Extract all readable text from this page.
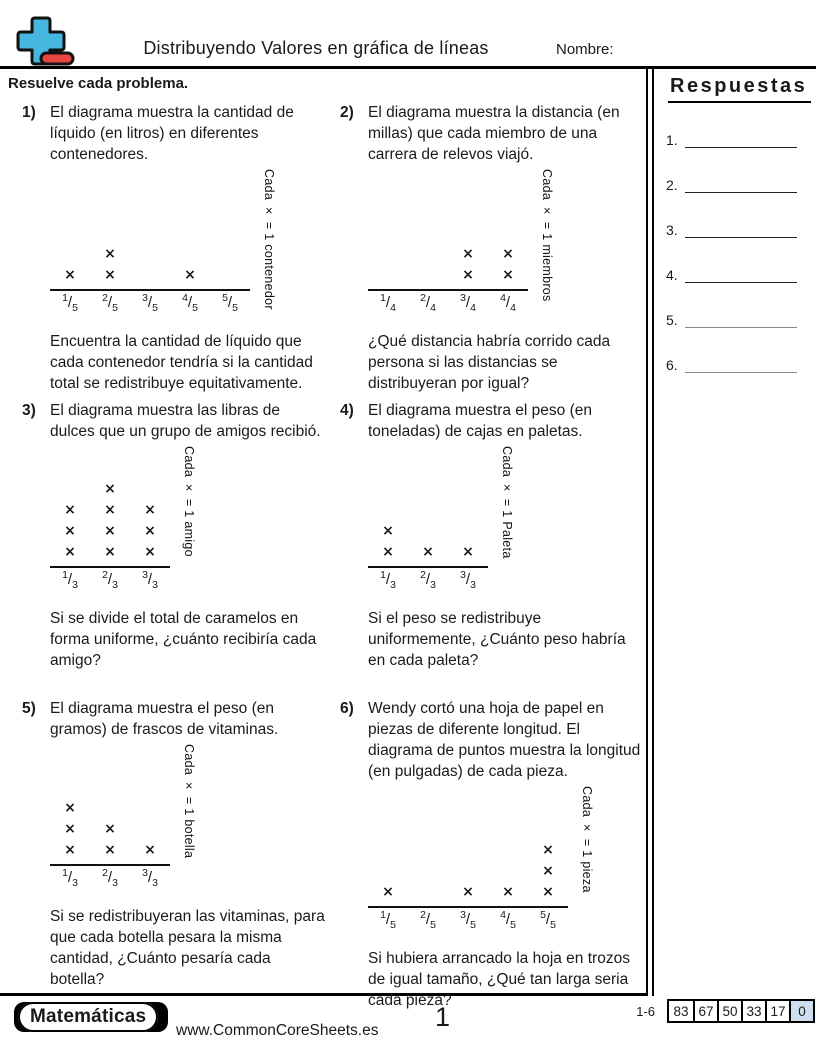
Distribuyendo Valores en gráfica de líneas	Nombre:
Resuelve cada problema.
1) El diagrama muestra la cantidad de líquido (en litros) en diferentes contenedores.

× ×
×
×
$^1/_5$
$^2/_5$
$^3/_5$
$^4/_5$
$^5/_5$	Cada × = 1 contenedor

Encuentra la cantidad de líquido que cada contenedor tendría si la cantidad total se redistribuye equitativamente.

2) El diagrama muestra la distancia (en millas) que cada miembro de una carrera de relevos viajó.

×
×
×
×
$^1/_4$
$^2/_4$
$^3/_4$
$^4/_4$
Cada × = 1 miembros

¿Qué distancia habría corrido cada persona si las distancias se distribuyeran por igual?

3) El diagrama muestra las libras de dulces que un grupo de amigos recibió.

×
×
×
×
×
×
×
×
×
×
$^1/_3$
$^2/_3$
$^3/_3$
Cada × = 1 amigo

Si se divide el total de caramelos en forma uniforme, ¿cuánto recibiría cada amigo?

4) El diagrama muestra el peso (en toneladas) de cajas en paletas.

×
×
× ×
$^1/_3$
$^2/_3$
$^3/_3$
Cada × = 1 Paleta

Si el peso se redistribuye uniformemente, ¿Cuánto peso habría en cada paleta?

5) El diagrama muestra el peso (en gramos) de frascos de vitaminas.

×
×
×
×
×
×
$^1/_3$
$^2/_3$
$^3/_3$
Cada × = 1 botella

Si se redistribuyeran las vitaminas, para que cada botella pesara la misma cantidad, ¿Cuánto pesaría cada botella?

6) Wendy cortó una hoja de papel en piezas de diferente longitud. El diagrama de puntos muestra la longitud (en pulgadas) de cada pieza.

×	× × ×
×
×
$^1/_5$
$^2/_5$
$^3/_5$
$^4/_5$
$^5/_5$
Cada × = 1 pieza

Si hubiera arrancado la hoja en trozos de igual tamaño, ¿Qué tan larga seria cada pieza?

Respuestas
1.
2.
3.
4.
5.
6.
Matemáticas
www.CommonCoreSheets.es 1	1-6	83 67 50 33 17 0
